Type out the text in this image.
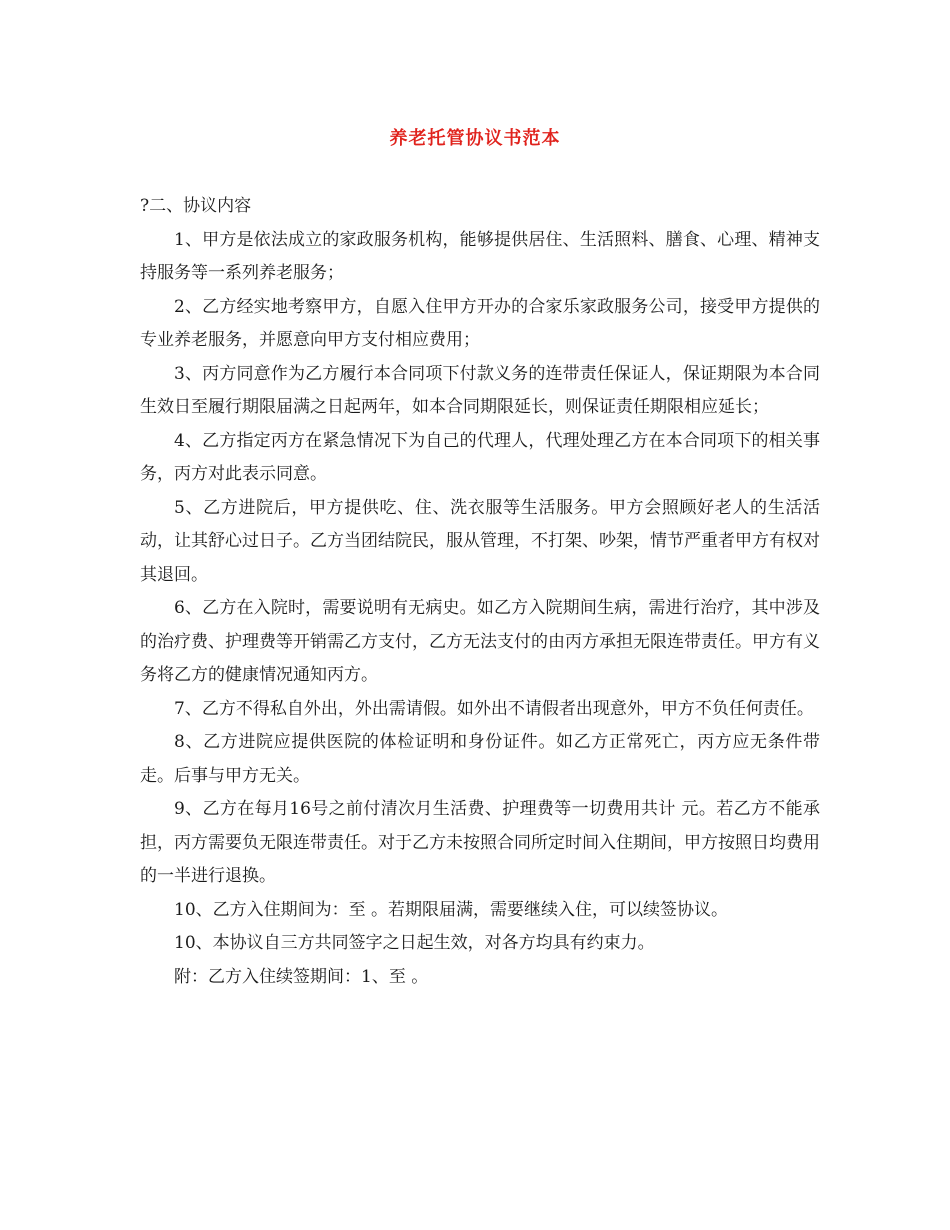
养老托管协议书范本

?二、协议内容

1、甲方是依法成立的家政服务机构，能够提供居住、生活照料、膳食、心理、精神支持服务等一系列养老服务；

2、乙方经实地考察甲方，自愿入住甲方开办的合家乐家政服务公司，接受甲方提供的专业养老服务，并愿意向甲方支付相应费用；

3、丙方同意作为乙方履行本合同项下付款义务的连带责任保证人，保证期限为本合同生效日至履行期限届满之日起两年，如本合同期限延长，则保证责任期限相应延长；

4、乙方指定丙方在紧急情况下为自己的代理人，代理处理乙方在本合同项下的相关事务，丙方对此表示同意。

5、乙方进院后，甲方提供吃、住、洗衣服等生活服务。甲方会照顾好老人的生活活动，让其舒心过日子。乙方当团结院民，服从管理，不打架、吵架，情节严重者甲方有权对其退回。

6、乙方在入院时，需要说明有无病史。如乙方入院期间生病，需进行治疗，其中涉及的治疗费、护理费等开销需乙方支付，乙方无法支付的由丙方承担无限连带责任。甲方有义务将乙方的健康情况通知丙方。

7、乙方不得私自外出，外出需请假。如外出不请假者出现意外，甲方不负任何责任。

8、乙方进院应提供医院的体检证明和身份证件。如乙方正常死亡，丙方应无条件带走。后事与甲方无关。

9、乙方在每月16号之前付清次月生活费、护理费等一切费用共计 元。若乙方不能承担，丙方需要负无限连带责任。对于乙方未按照合同所定时间入住期间，甲方按照日均费用的一半进行退换。

10、乙方入住期间为：至 。若期限届满，需要继续入住，可以续签协议。

10、本协议自三方共同签字之日起生效，对各方均具有约束力。

附：乙方入住续签期间：1、至 。
